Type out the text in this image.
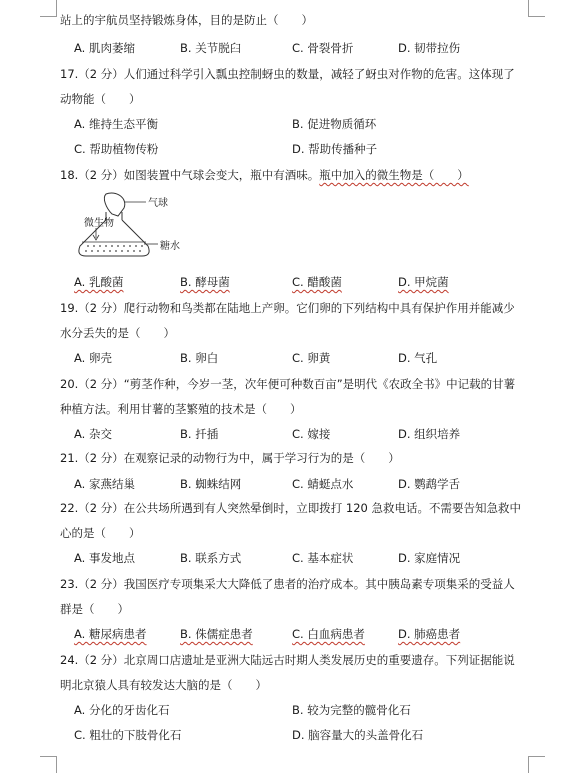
站上的宇航员坚持锻炼身体，目的是防止（　　）
A. 肌肉萎缩	B. 关节脱臼	C. 骨裂骨折	D. 韧带拉伤
17.（2 分）人们通过科学引入瓢虫控制蚜虫的数量，减轻了蚜虫对作物的危害。这体现了
动物能（　　）
A. 维持生态平衡	B. 促进物质循环
C. 帮助植物传粉	D. 帮助传播种子
18.（2 分）如图装置中气球会变大，瓶中有酒味。瓶中加入的微生物是（　　）
微生物
气球
糖水
A. 乳酸菌	B. 酵母菌	C. 醋酸菌	D. 甲烷菌
19.（2 分）爬行动物和鸟类都在陆地上产卵。它们卵的下列结构中具有保护作用并能减少
水分丢失的是（　　）
A. 卵壳	B. 卵白	C. 卵黄	D. 气孔
20.（2 分）“剪茎作种，今岁一茎，次年便可种数百亩”是明代《农政全书》中记载的甘薯
种植方法。利用甘薯的茎繁殖的技术是（　　）
A. 杂交	B. 扦插	C. 嫁接	D. 组织培养
21.（2 分）在观察记录的动物行为中，属于学习行为的是（　　）
A. 家燕结巢	B. 蜘蛛结网	C. 蜻蜓点水	D. 鹦鹉学舌
22.（2 分）在公共场所遇到有人突然晕倒时，立即拨打 120 急救电话。不需要告知急救中
心的是（　　）
A. 事发地点	B. 联系方式	C. 基本症状	D. 家庭情况
23.（2 分）我国医疗专项集采大大降低了患者的治疗成本。其中胰岛素专项集采的受益人
群是（　　）
A. 糖尿病患者	B. 侏儒症患者	C. 白血病患者	D. 肺癌患者
24.（2 分）北京周口店遗址是亚洲大陆远古时期人类发展历史的重要遗存。下列证据能说
明北京猿人具有较发达大脑的是（　　）
A. 分化的牙齿化石	B. 较为完整的髋骨化石
C. 粗壮的下肢骨化石	D. 脑容量大的头盖骨化石
